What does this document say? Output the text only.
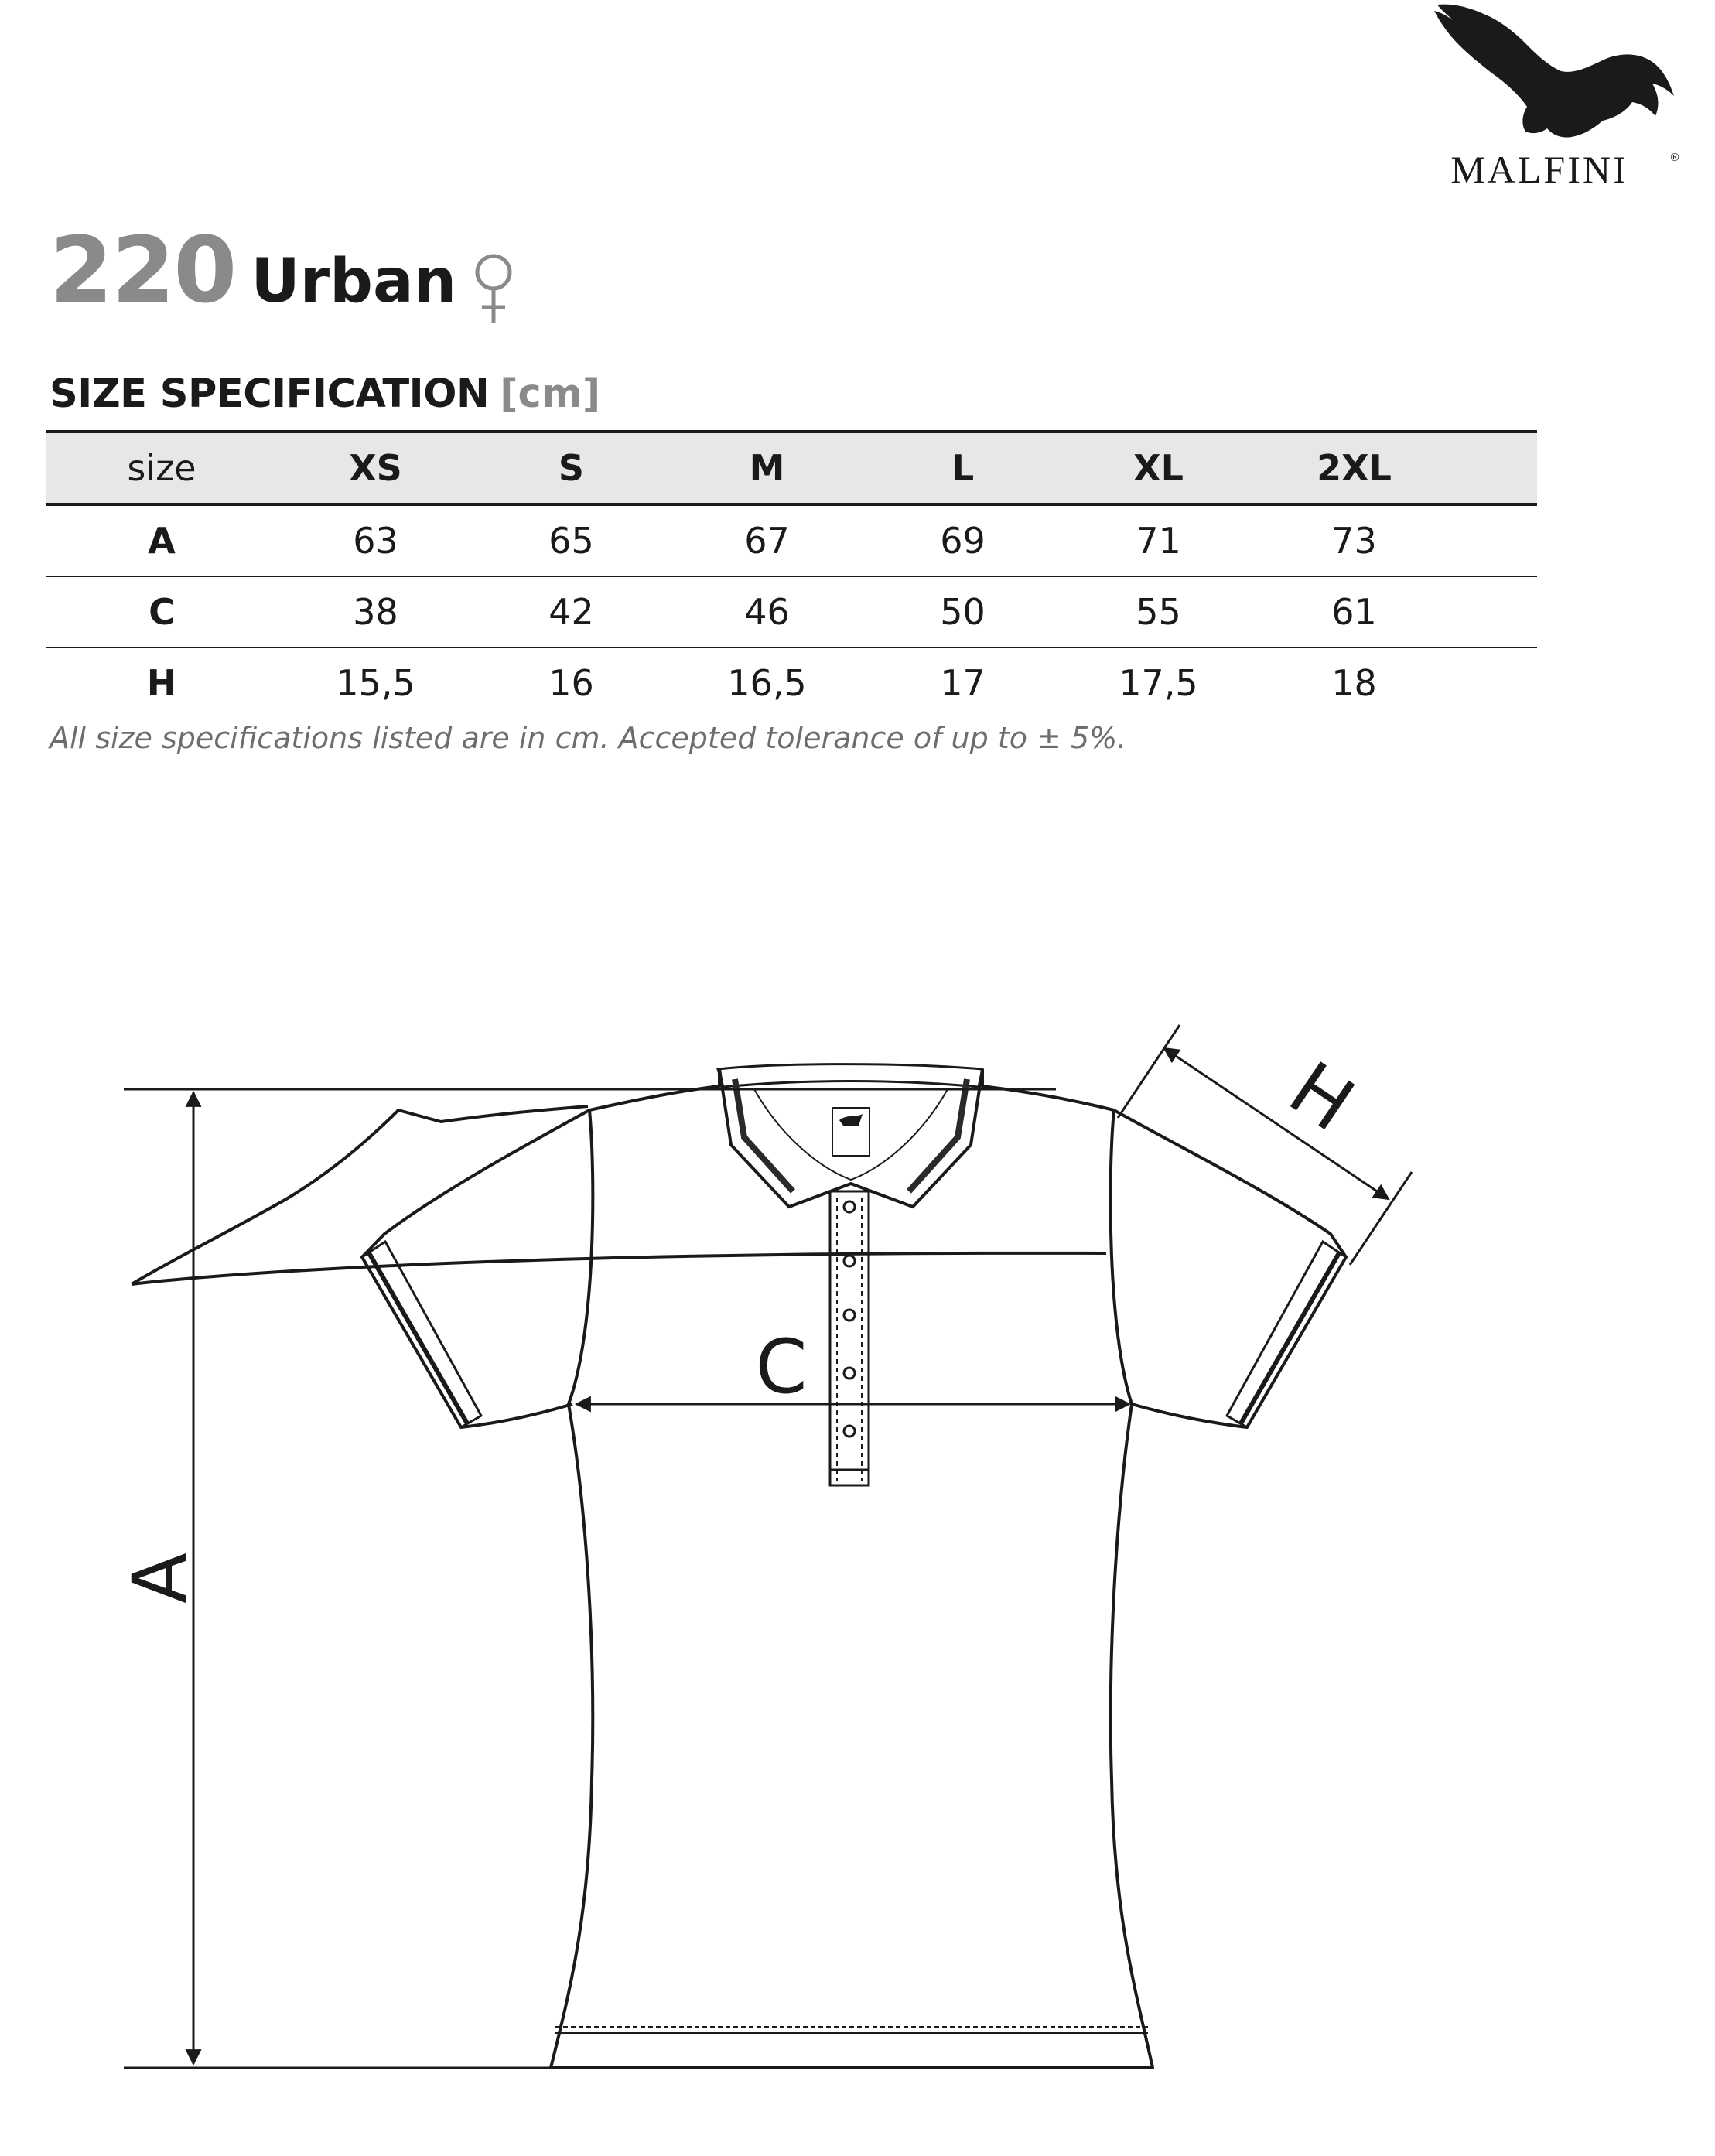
MALFINI	®
220 Urban
SIZE SPECIFICATION [cm]
size	XS	S	M	L	XL	2XL	
A	63	65	67	69	71	73	
C	38	42	46	50	55	61	
H	15,5	16	16,5	17	17,5	18	
All size specifications listed are in cm. Accepted tolerance of up to ± 5%.
A
C
H
